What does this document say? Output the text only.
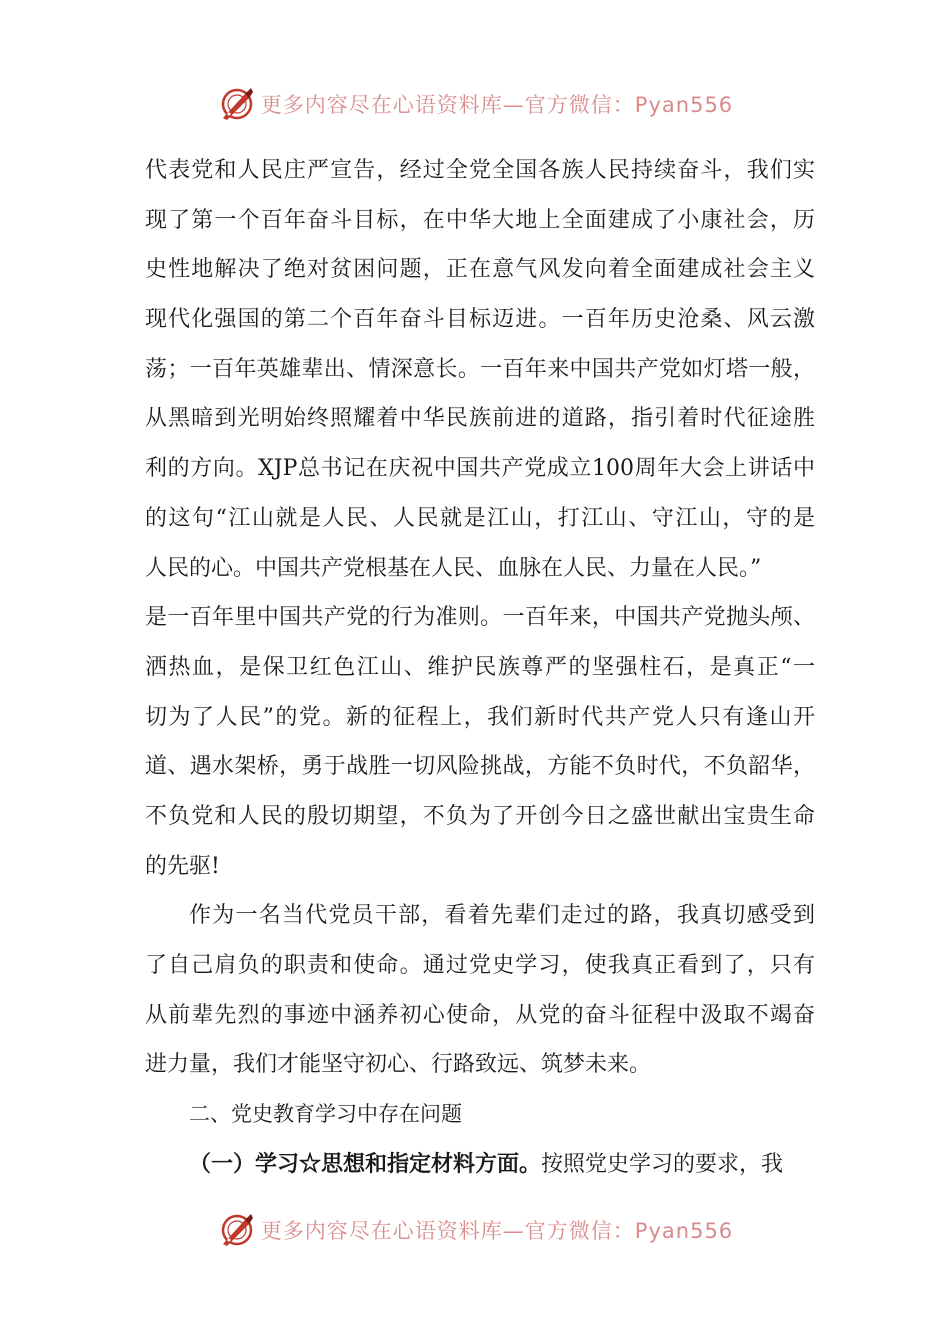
更多内容尽在心语资料库—官方微信：Pyan556
代表党和人民庄严宣告，经过全党全国各族人民持续奋斗，我们实
现了第一个百年奋斗目标，在中华大地上全面建成了小康社会，历
史性地解决了绝对贫困问题，正在意气风发向着全面建成社会主义
现代化强国的第二个百年奋斗目标迈进。一百年历史沧桑、风云激
荡；一百年英雄辈出、情深意长。一百年来中国共产党如灯塔一般，
从黑暗到光明始终照耀着中华民族前进的道路，指引着时代征途胜
利的方向。XJP总书记在庆祝中国共产党成立100周年大会上讲话中
的这句“江山就是人民、人民就是江山，打江山、守江山，守的是
人民的心。中国共产党根基在人民、血脉在人民、力量在人民。”
是一百年里中国共产党的行为准则。一百年来，中国共产党抛头颅、
洒热血，是保卫红色江山、维护民族尊严的坚强柱石，是真正“一
切为了人民”的党。新的征程上，我们新时代共产党人只有逢山开
道、遇水架桥，勇于战胜一切风险挑战，方能不负时代，不负韶华，
不负党和人民的殷切期望，不负为了开创今日之盛世献出宝贵生命
的先驱!
作为一名当代党员干部，看着先辈们走过的路，我真切感受到
了自己肩负的职责和使命。通过党史学习，使我真正看到了，只有
从前辈先烈的事迹中涵养初心使命，从党的奋斗征程中汲取不竭奋
进力量，我们才能坚守初心、行路致远、筑梦未来。
二、党史教育学习中存在问题
（一）学习☆思想和指定材料方面。按照党史学习的要求，我
更多内容尽在心语资料库—官方微信：Pyan556
